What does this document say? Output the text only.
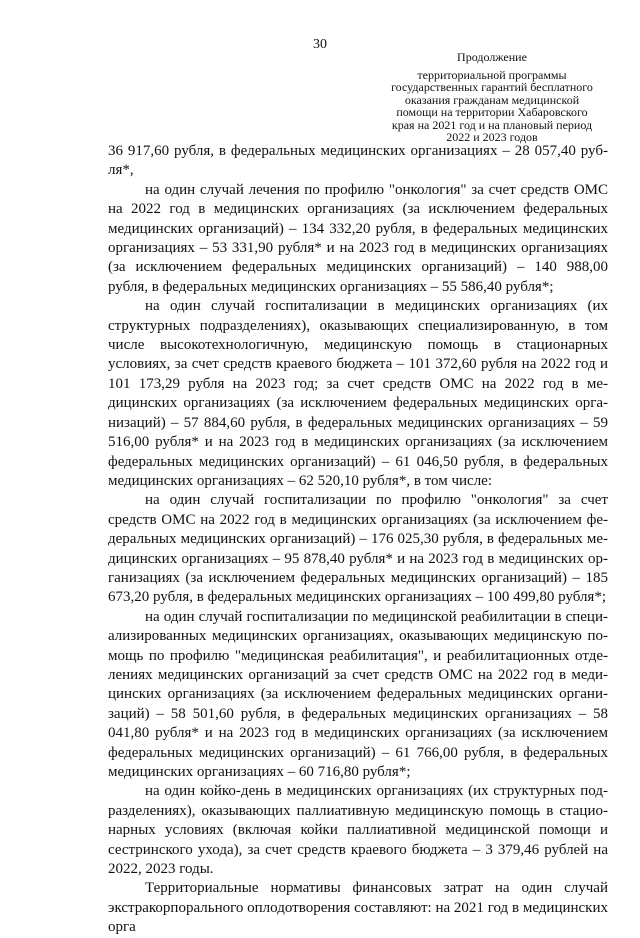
30
Продолжение
территориальной программы
государственных гарантий бесплатного
оказания гражданам медицинской
помощи на территории Хабаровского
края на 2021 год и на плановый период
2022 и 2023 годов

36 917,60 рубля, в федеральных медицинских организациях – 28 057,40 рубля*,

на один случай лечения по профилю "онкология" за счет средств ОМС на 2022 год в медицинских организациях (за исключением федеральных медицинских организаций) – 134 332,20 рубля, в федеральных медицинских организациях – 53 331,90 рубля* и на 2023 год в медицинских организациях (за исключением федеральных медицинских организаций) – 140 988,00 рубля, в федеральных медицинских организациях – 55 586,40 рубля*;

на один случай госпитализации в медицинских организациях (их структурных подразделениях), оказывающих специализированную, в том числе высокотехнологичную, медицинскую помощь в стационарных условиях, за счет средств краевого бюджета – 101 372,60 рубля на 2022 год и 101 173,29 рубля на 2023 год; за счет средств ОМС на 2022 год в медицинских организациях (за исключением федеральных медицинских организаций) – 57 884,60 рубля, в федеральных медицинских организациях – 59 516,00 рубля* и на 2023 год в медицинских организациях (за исключением федеральных медицинских организаций) – 61 046,50 рубля, в федеральных медицинских организациях – 62 520,10 рубля*, в том числе:

на один случай госпитализации по профилю "онкология" за счет средств ОМС на 2022 год в медицинских организациях (за исключением федеральных медицинских организаций) – 176 025,30 рубля, в федеральных медицинских организациях – 95 878,40 рубля* и на 2023 год в медицинских организациях (за исключением федеральных медицинских организаций) – 185 673,20 рубля, в федеральных медицинских организациях – 100 499,80 рубля*;

на один случай госпитализации по медицинской реабилитации в специализированных медицинских организациях, оказывающих медицинскую помощь по профилю "медицинская реабилитация", и реабилитационных отделениях медицинских организаций за счет средств ОМС на 2022 год в медицинских организациях (за исключением федеральных медицинских организаций) – 58 501,60 рубля, в федеральных медицинских организациях – 58 041,80 рубля* и на 2023 год в медицинских организациях (за исключением федеральных медицинских организаций) – 61 766,00 рубля, в федеральных медицинских организациях – 60 716,80 рубля*;

на один койко-день в медицинских организациях (их структурных подразделениях), оказывающих паллиативную медицинскую помощь в стационарных условиях (включая койки паллиативной медицинской помощи и сестринского ухода), за счет средств краевого бюджета – 3 379,46 рублей на 2022, 2023 годы.

Территориальные нормативы финансовых затрат на один случай экстракорпорального оплодотворения составляют: на 2021 год в медицинских орга
